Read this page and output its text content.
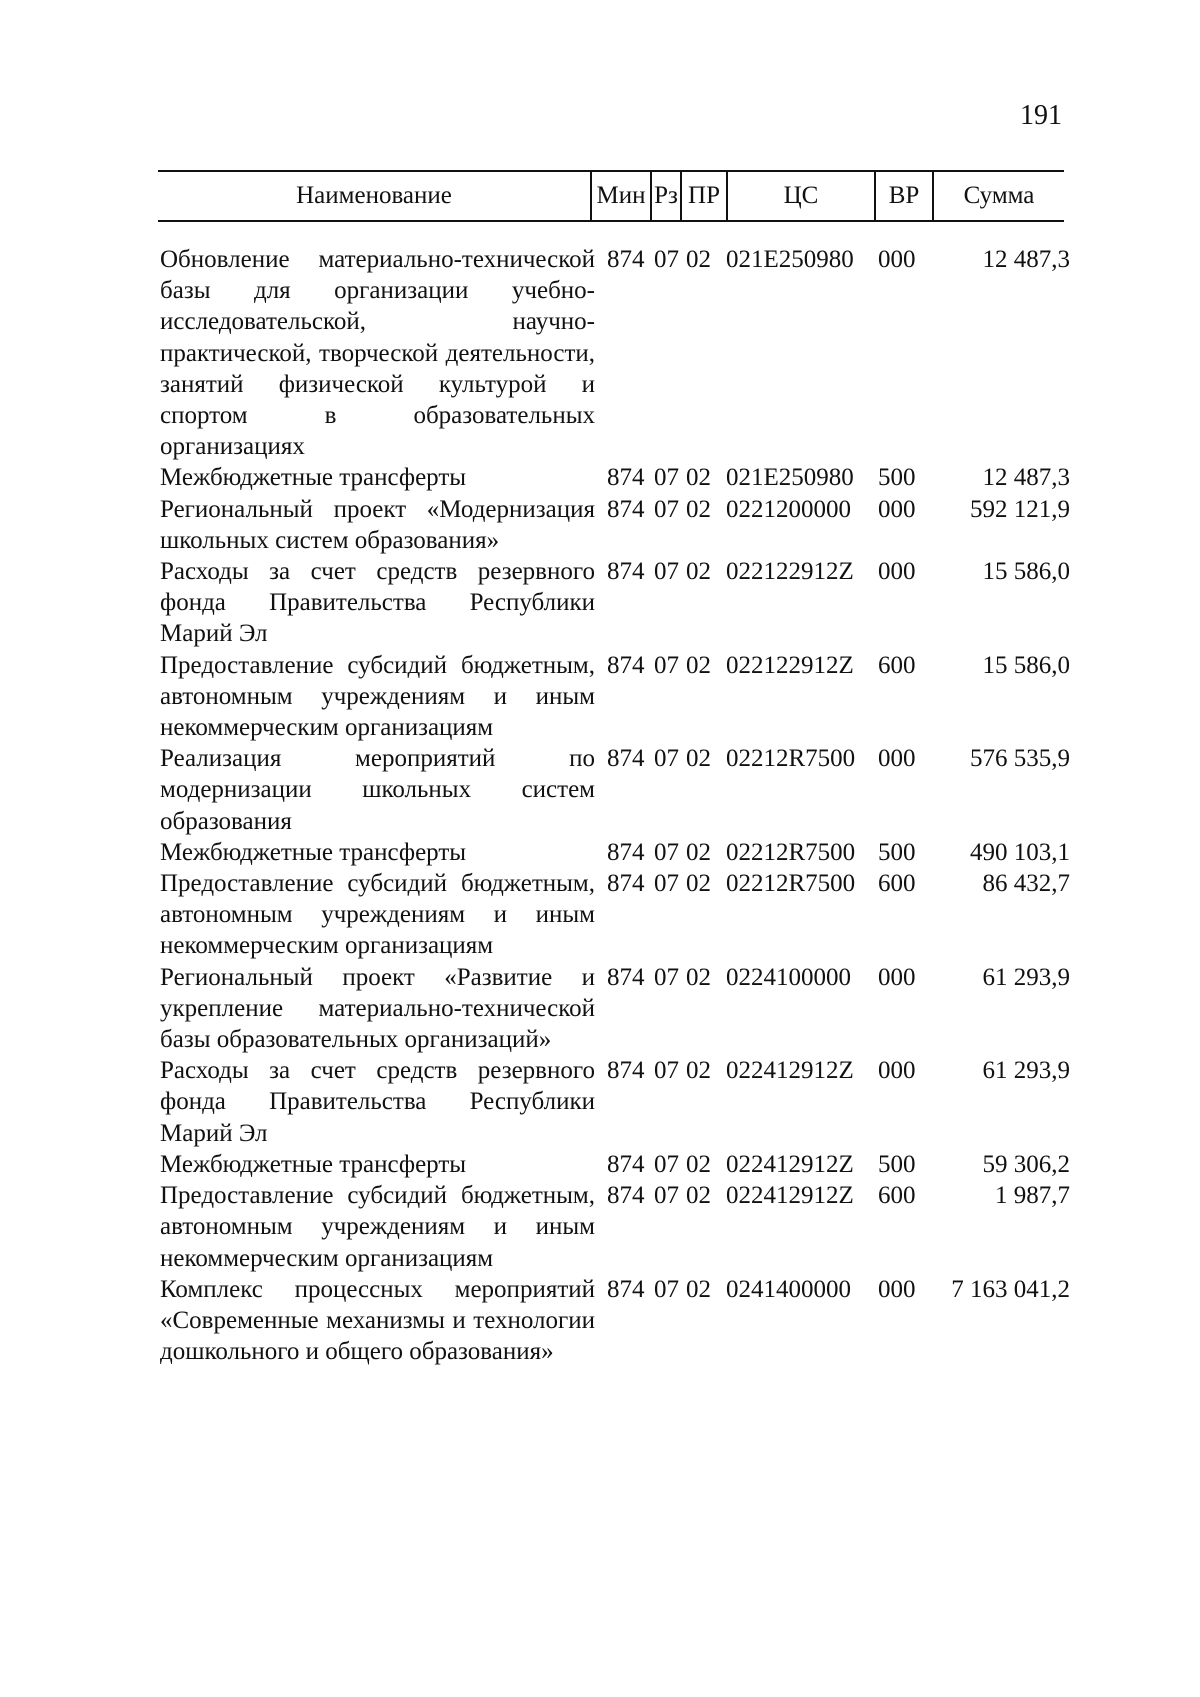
191
Наименование	Мин Рз ПР	ЦС	ВР	Сумма
Обновление материально-технической базы для организации учебно-исследовательской, научно-практической, творческой деятельности, занятий физической культурой и спортом в образовательных организациях
874 07 02 021E250980 000	12 487,3
Межбюджетные трансферты	874 07 02 021E250980 500	12 487,3
Региональный проект «Модернизация школьных систем образования»
874 07 02 0221200000 000	592 121,9
Расходы за счет средств резервного фонда Правительства Республики Марий Эл
874 07 02 022122912Z 000	15 586,0
Предоставление субсидий бюджетным, автономным учреждениям и иным некоммерческим организациям
874 07 02 022122912Z 600	15 586,0
Реализация мероприятий по модернизации школьных систем образования
874 07 02 02212R7500 000	576 535,9
Межбюджетные трансферты	874 07 02 02212R7500 500	490 103,1
Предоставление субсидий бюджетным, автономным учреждениям и иным некоммерческим организациям
874 07 02 02212R7500 600	86 432,7
Региональный проект «Развитие и укрепление материально-технической базы образовательных организаций»
874 07 02 0224100000 000	61 293,9
Расходы за счет средств резервного фонда Правительства Республики Марий Эл
874 07 02 022412912Z 000	61 293,9
Межбюджетные трансферты	874 07 02 022412912Z 500	59 306,2
Предоставление субсидий бюджетным, автономным учреждениям и иным некоммерческим организациям
874 07 02 022412912Z 600	1 987,7
Комплекс процессных мероприятий «Современные механизмы и технологии дошкольного и общего образования»
874 07 02 0241400000 000	7 163 041,2
